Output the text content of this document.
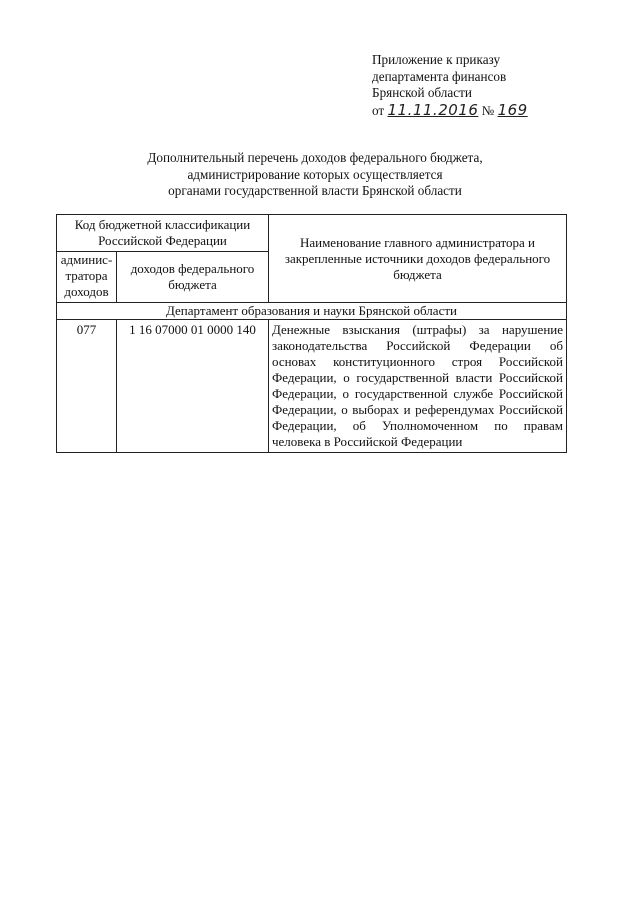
Приложение к приказу
департамента финансов
Брянской области
от 11.11.2016 № 169
Дополнительный перечень доходов федерального бюджета,
администрирование которых осуществляется
органами государственной власти Брянской области
Код бюджетной классификации Российской Федерации		Наименование главного администратора и закрепленные источники доходов федерального бюджета
админис-тратора доходов	доходов федерального бюджета	
Департамент образования и науки Брянской области		
077	1 16 07000 01 0000 140	Денежные взыскания (штрафы) за нарушение законодательства Российской Федерации об основах конституционного строя Российской Федерации, о государственной власти Российской Федерации, о государственной службе Российской Федерации, о выборах и референдумах Российской Федерации, об Уполномоченном по правам человека в Российской Федерации
